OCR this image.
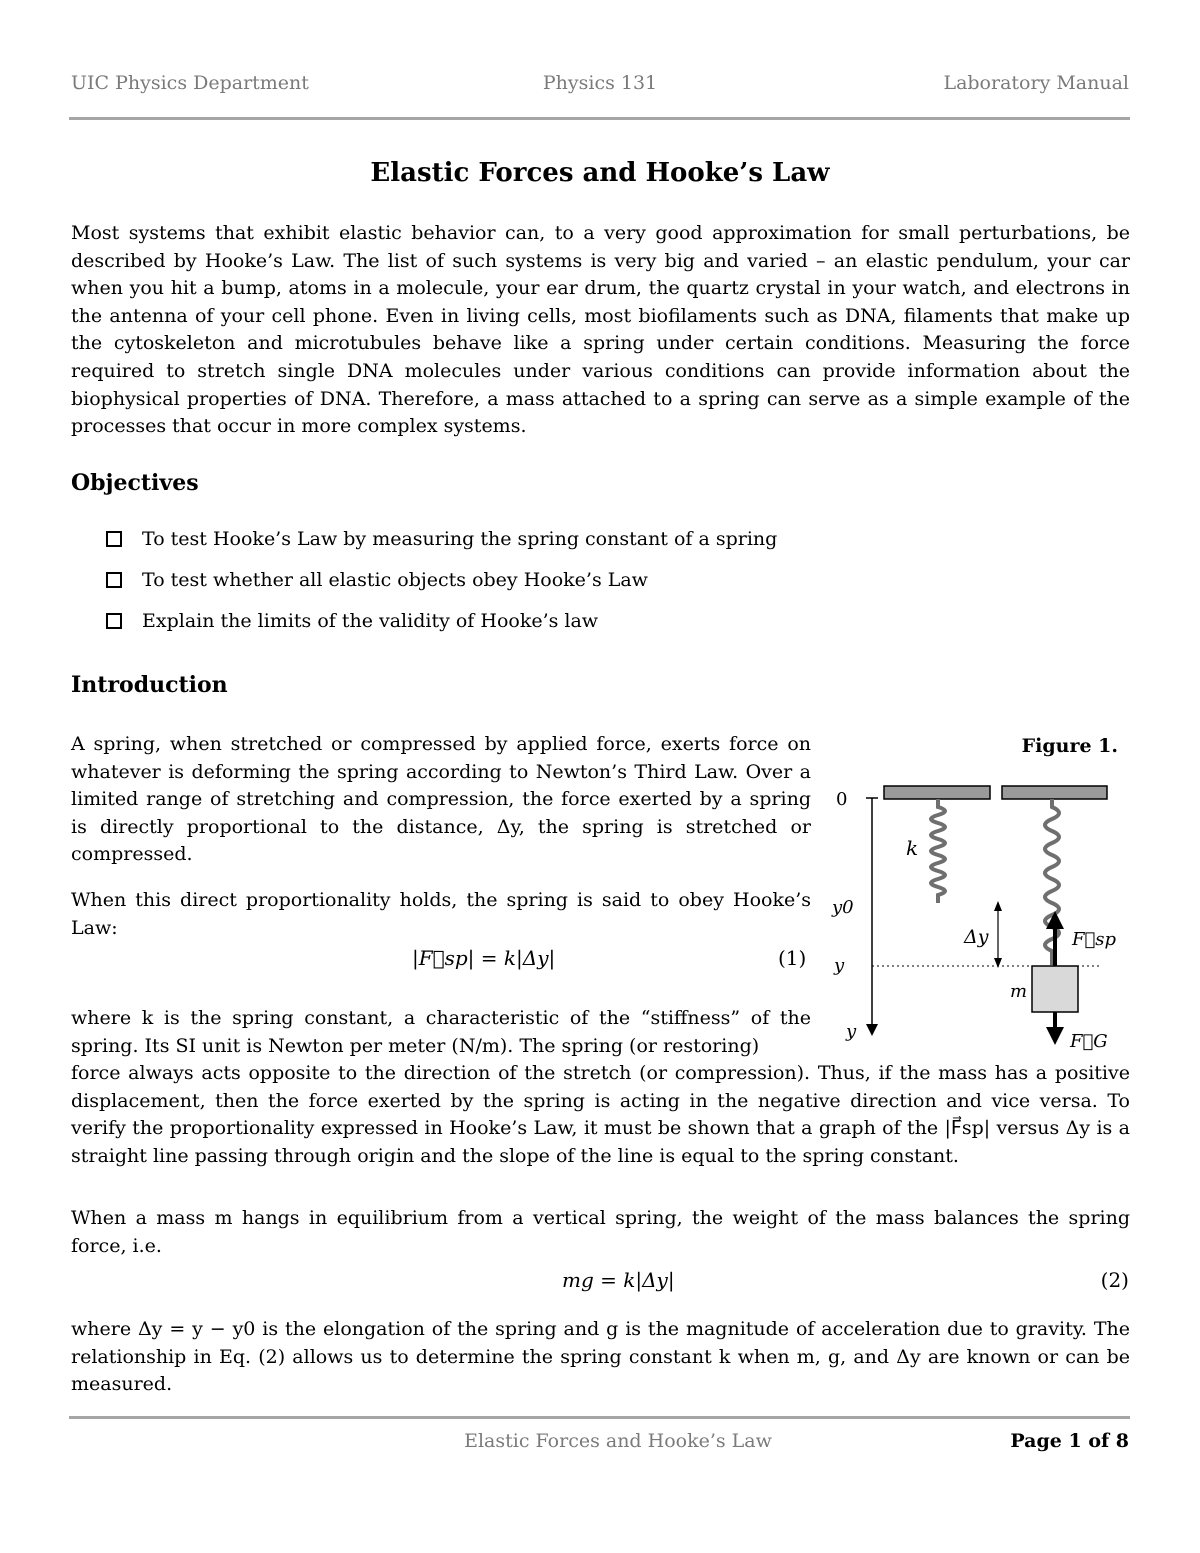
UIC Physics Department	Physics 131	Laboratory Manual
Elastic Forces and Hooke’s Law
Most systems that exhibit elastic behavior can, to a very good approximation for small perturbations, be described by Hooke’s Law. The list of such systems is very big and varied – an elastic pendulum, your car when you hit a bump, atoms in a molecule, your ear drum, the quartz crystal in your watch, and electrons in the antenna of your cell phone. Even in living cells, most biofilaments such as DNA, filaments that make up the cytoskeleton and microtubules behave like a spring under certain conditions. Measuring the force required to stretch single DNA molecules under various conditions can provide information about the biophysical properties of DNA. Therefore, a mass attached to a spring can serve as a simple example of the processes that occur in more complex systems.
Objectives
To test Hooke’s Law by measuring the spring constant of a spring
To test whether all elastic objects obey Hooke’s Law
Explain the limits of the validity of Hooke’s law
Introduction
A spring, when stretched or compressed by applied force, exerts force on whatever is deforming the spring according to Newton’s Third Law. Over a limited range of stretching and compression, the force exerted by a spring is directly proportional to the distance, Δy, the spring is stretched or compressed.
When this direct proportionality holds, the spring is said to obey Hooke’s Law:
|F⃗sp| = k|Δy|	(1)
where k is the spring constant, a characteristic of the “stiffness” of the spring. Its SI unit is Newton per meter (N/m). The spring (or restoring)
force always acts opposite to the direction of the stretch (or compression). Thus, if the mass has a positive displacement, then the force exerted by the spring is acting in the negative direction and vice versa. To verify the proportionality expressed in Hooke’s Law, it must be shown that a graph of the |F⃗sp| versus Δy is a straight line passing through origin and the slope of the line is equal to the spring constant.
When a mass m hangs in equilibrium from a vertical spring, the weight of the mass balances the spring force, i.e.
mg = k|Δy|	(2)
where Δy = y − y0 is the elongation of the spring and g is the magnitude of acceleration due to gravity. The relationship in Eq. (2) allows us to determine the spring constant k when m, g, and Δy are known or can be measured.
Figure 1.
0
y0
y
y
k
Δy	F⃗sp
m
F⃗G
Elastic Forces and Hooke’s Law	Page 1 of 8
